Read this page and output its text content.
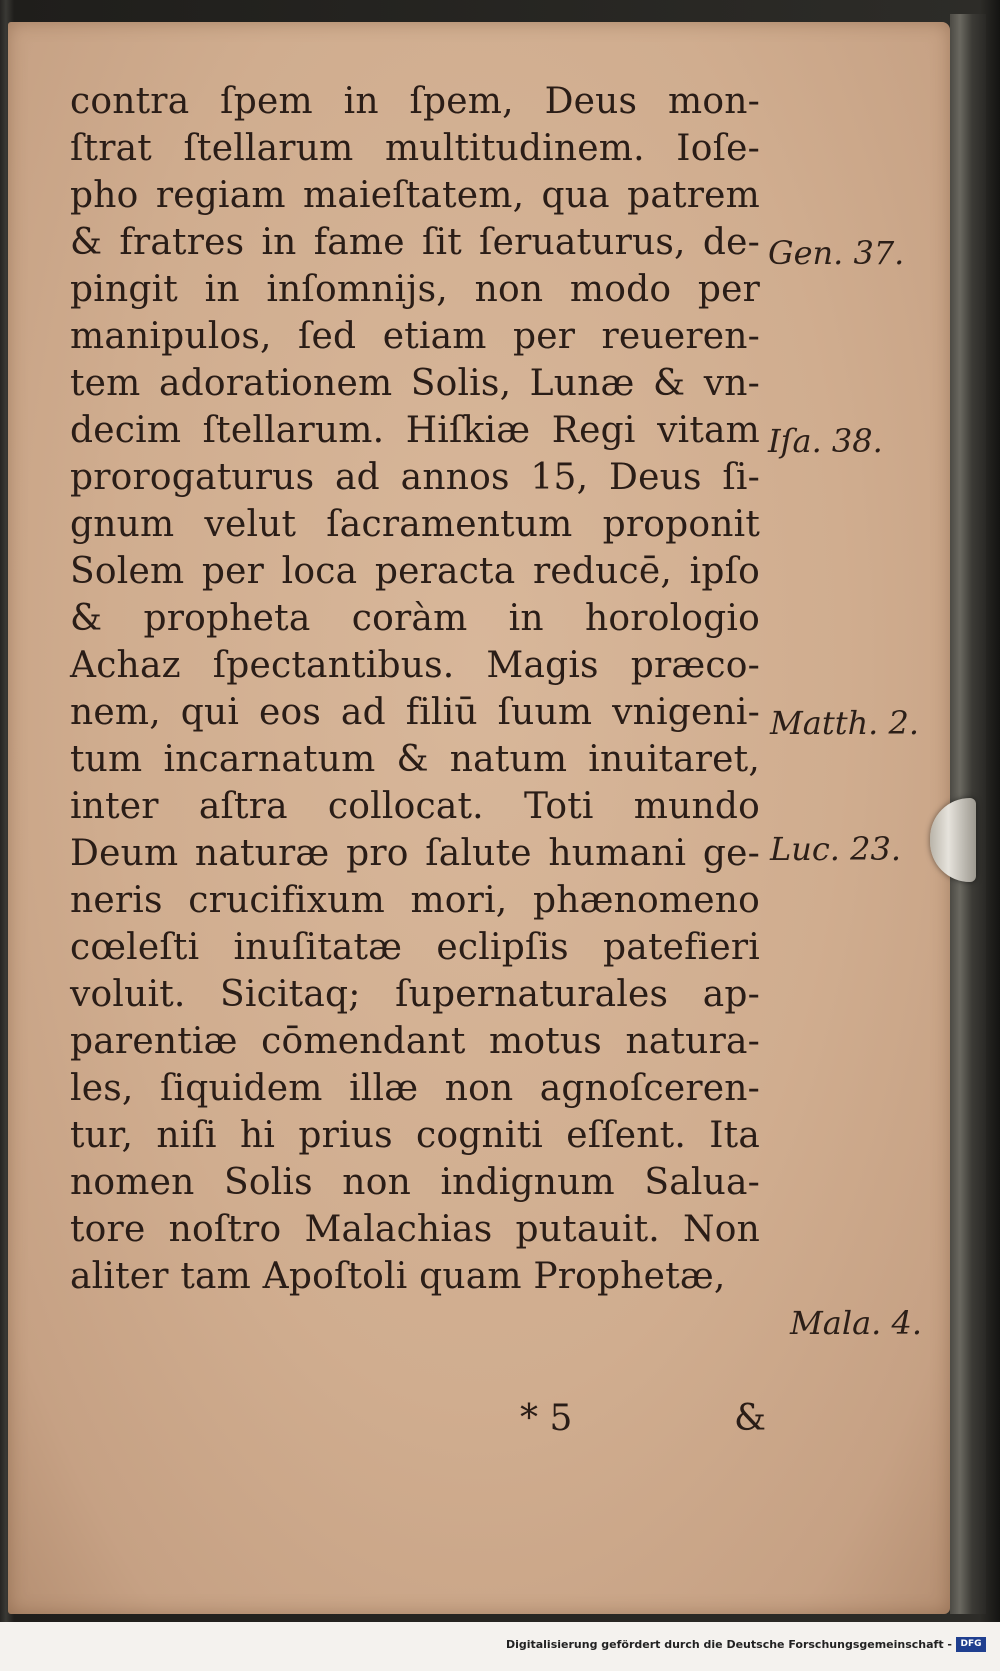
contra ſpem in ſpem, Deus mon-
ſtrat ſtellarum multitudinem. Ioſe-
pho regiam maieſtatem, qua patrem
& fratres in fame ſit ſeruaturus, de-
pingit in inſomnijs, non modo per
manipulos, ſed etiam per reueren-
tem adorationem Solis, Lunæ & vn-
decim ſtellarum. Hiſkiæ Regi vitam
prorogaturus ad annos 15, Deus ſi-
gnum velut ſacramentum proponit
Solem per loca peracta reducē, ipſo
& propheta coràm in horologio
Achaz ſpectantibus. Magis præco-
nem, qui eos ad filiū ſuum vnigeni-
tum incarnatum & natum inuitaret,
inter aſtra collocat. Toti mundo
Deum naturæ pro ſalute humani ge-
neris crucifixum mori, phænomeno
cœleſti inuſitatæ eclipſis patefieri
voluit. Sicitaq; ſupernaturales ap-
parentiæ cōmendant motus natura-
les, ſiquidem illæ non agnoſceren-
tur, niſi hi prius cogniti eſſent. Ita
nomen Solis non indignum Salua-
tore noſtro Malachias putauit. Non
aliter tam Apoſtoli quam Prophetæ,
Gen. 37.
Iſa. 38.
Matth. 2.
Luc. 23.
Mala. 4.
* 5	&
Digitalisierung gefördert durch die Deutsche Forschungsgemeinschaft - DFG
